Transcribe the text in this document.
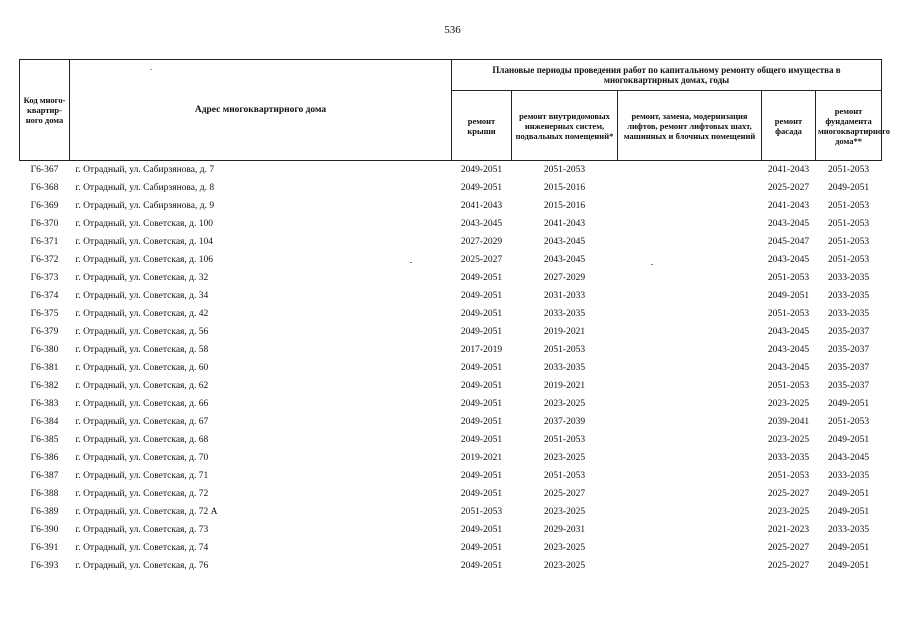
536
Код много-квартир-ного дома	Адрес многоквартирного дома	Плановые периоды проведения работ по капитальному ремонту общего имущества в многоквартирных домах, годы				
		ремонт крыши	ремонт внутридомовых инженерных систем, подвальных помещений*	ремонт, замена, модернизация лифтов, ремонт лифтовых шахт, машинных и блочных помещений	ремонт фасада	ремонт фундамента многоквартирного дома**
Г6-367	г. Отрадный, ул. Сабирзянова, д. 7	2049-2051	2051-2053		2041-2043	2051-2053
Г6-368	г. Отрадный, ул. Сабирзянова, д. 8	2049-2051	2015-2016		2025-2027	2049-2051
Г6-369	г. Отрадный, ул. Сабирзянова, д. 9	2041-2043	2015-2016		2041-2043	2051-2053
Г6-370	г. Отрадный, ул. Советская, д. 100	2043-2045	2041-2043		2043-2045	2051-2053
Г6-371	г. Отрадный, ул. Советская, д. 104	2027-2029	2043-2045		2045-2047	2051-2053
Г6-372	г. Отрадный, ул. Советская, д. 106	2025-2027	2043-2045		2043-2045	2051-2053
Г6-373	г. Отрадный, ул. Советская, д. 32	2049-2051	2027-2029		2051-2053	2033-2035
Г6-374	г. Отрадный, ул. Советская, д. 34	2049-2051	2031-2033		2049-2051	2033-2035
Г6-375	г. Отрадный, ул. Советская, д. 42	2049-2051	2033-2035		2051-2053	2033-2035
Г6-379	г. Отрадный, ул. Советская, д. 56	2049-2051	2019-2021		2043-2045	2035-2037
Г6-380	г. Отрадный, ул. Советская, д. 58	2017-2019	2051-2053		2043-2045	2035-2037
Г6-381	г. Отрадный, ул. Советская, д. 60	2049-2051	2033-2035		2043-2045	2035-2037
Г6-382	г. Отрадный, ул. Советская, д. 62	2049-2051	2019-2021		2051-2053	2035-2037
Г6-383	г. Отрадный, ул. Советская, д. 66	2049-2051	2023-2025		2023-2025	2049-2051
Г6-384	г. Отрадный, ул. Советская, д. 67	2049-2051	2037-2039		2039-2041	2051-2053
Г6-385	г. Отрадный, ул. Советская, д. 68	2049-2051	2051-2053		2023-2025	2049-2051
Г6-386	г. Отрадный, ул. Советская, д. 70	2019-2021	2023-2025		2033-2035	2043-2045
Г6-387	г. Отрадный, ул. Советская, д. 71	2049-2051	2051-2053		2051-2053	2033-2035
Г6-388	г. Отрадный, ул. Советская, д. 72	2049-2051	2025-2027		2025-2027	2049-2051
Г6-389	г. Отрадный, ул. Советская, д. 72 А	2051-2053	2023-2025		2023-2025	2049-2051
Г6-390	г. Отрадный, ул. Советская, д. 73	2049-2051	2029-2031		2021-2023	2033-2035
Г6-391	г. Отрадный, ул. Советская, д. 74	2049-2051	2023-2025		2025-2027	2049-2051
Г6-393	г. Отрадный, ул. Советская, д. 76	2049-2051	2023-2025		2025-2027	2049-2051
